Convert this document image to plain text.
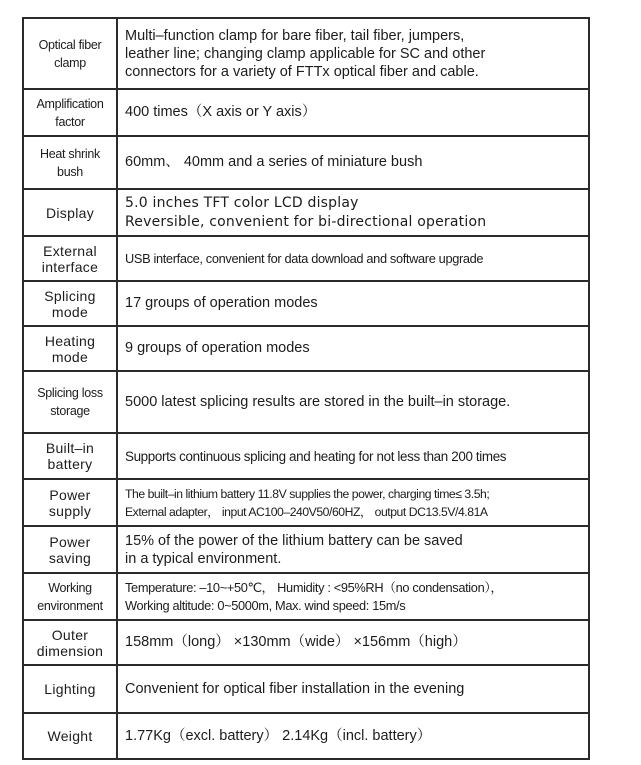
Optical fiber
clamp	Multi–function clamp for bare fiber, tail fiber, jumpers,
leather line; changing clamp applicable for SC and other
connectors for a variety of FTTx optical fiber and cable.

Amplification
factor	400 times（X axis or Y axis）

Heat shrink
bush	60mm、 40mm and a series of miniature bush

Display	5.0 inches TFT color LCD display
Reversible, convenient for bi-directional operation

External
interface	USB interface, convenient for data download and software upgrade

Splicing
mode	17 groups of operation modes

Heating
mode	9 groups of operation modes

Splicing loss
storage	5000 latest splicing results are stored in the built–in storage.

Built–in
battery	Supports continuous splicing and heating for not less than 200 times

Power
supply	The built–in lithium battery 11.8V supplies the power, charging time≤ 3.5h;
External adapter， input AC100–240V50/60HZ， output DC13.5V/4.81A

Power
saving	15% of the power of the lithium battery can be saved
in a typical environment.

Working
environment	Temperature: –10~+50℃， Humidity : <95%RH（no condensation），
Working altitude: 0~5000m, Max. wind speed: 15m/s

Outer
dimension	158mm（long） ×130mm（wide） ×156mm（high）

Lighting	Convenient for optical fiber installation in the evening

Weight	1.77Kg（excl. battery） 2.14Kg（incl. battery）
